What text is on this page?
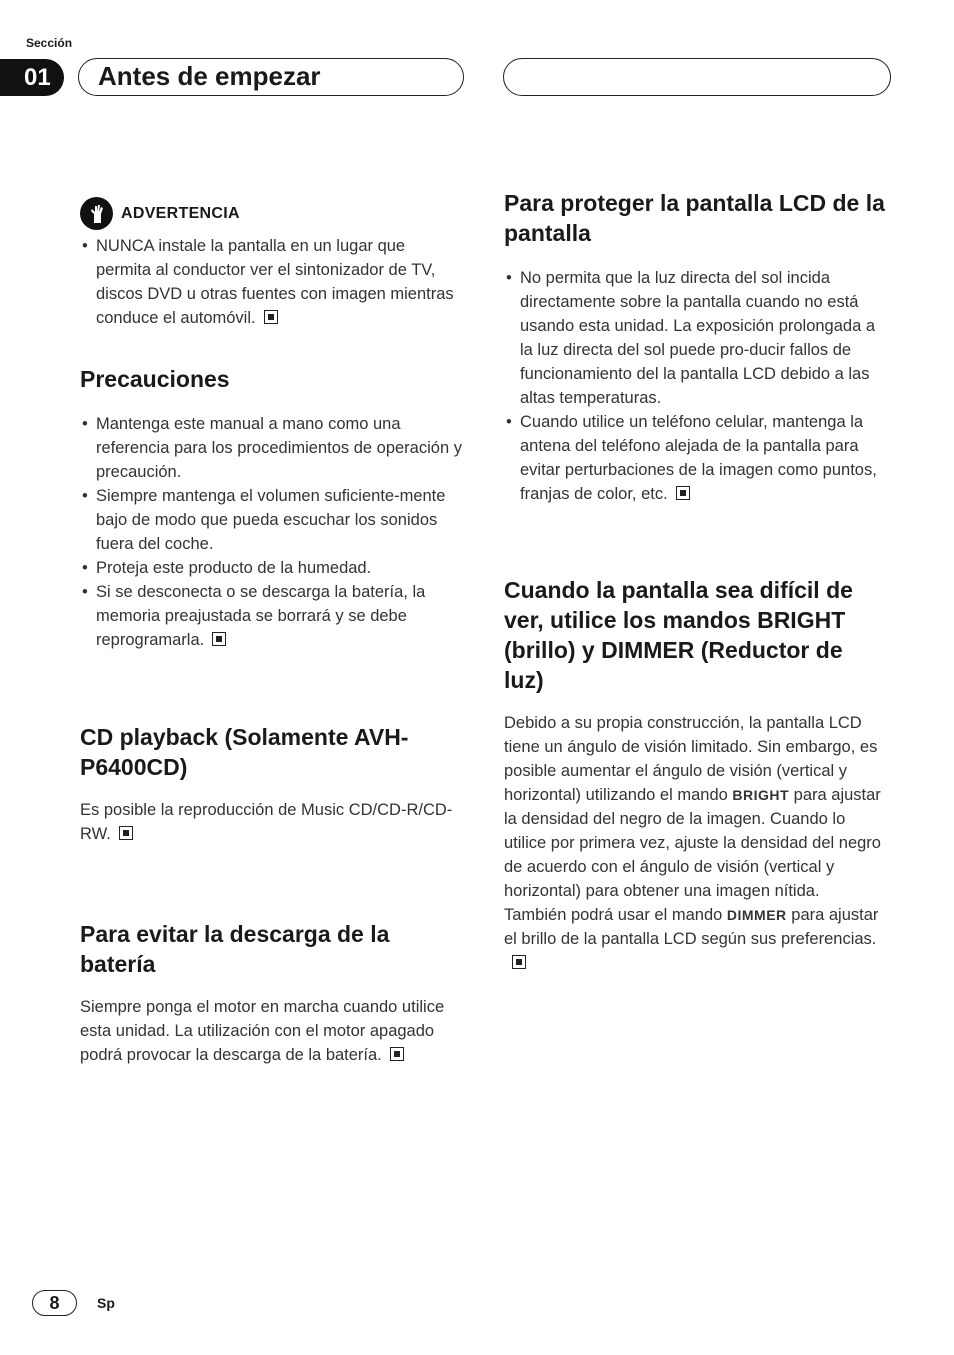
Sección
01	Antes de empezar
ADVERTENCIA
• NUNCA instale la pantalla en un lugar que permita al conductor ver el sintonizador de TV, discos DVD u otras fuentes con imagen mientras conduce el automóvil.
Precauciones
• Mantenga este manual a mano como una referencia para los procedimientos de operación y precaución.
• Siempre mantenga el volumen suficiente-mente bajo de modo que pueda escuchar los sonidos fuera del coche.
• Proteja este producto de la humedad.
• Si se desconecta o se descarga la batería, la memoria preajustada se borrará y se debe reprogramarla.
CD playback (Solamente AVH-P6400CD)

Es posible la reproducción de Music CD/CD-R/CD-RW.

Para evitar la descarga de la batería

Siempre ponga el motor en marcha cuando utilice esta unidad. La utilización con el motor apagado podrá provocar la descarga de la batería.

Para proteger la pantalla LCD de la pantalla
• No permita que la luz directa del sol incida directamente sobre la pantalla cuando no está usando esta unidad. La exposición prolongada a la luz directa del sol puede pro-ducir fallos de funcionamiento del la pantalla LCD debido a las altas temperaturas.
• Cuando utilice un teléfono celular, mantenga la antena del teléfono alejada de la pantalla para evitar perturbaciones de la imagen como puntos, franjas de color, etc.
Cuando la pantalla sea difícil de ver, utilice los mandos BRIGHT (brillo) y DIMMER (Reductor de luz)

Debido a su propia construcción, la pantalla LCD tiene un ángulo de visión limitado. Sin embargo, es posible aumentar el ángulo de visión (vertical y horizontal) utilizando el mando BRIGHT para ajustar la densidad del negro de la imagen. Cuando lo utilice por primera vez, ajuste la densidad del negro de acuerdo con el ángulo de visión (vertical y horizontal) para obtener una imagen nítida.

También podrá usar el mando DIMMER para ajustar el brillo de la pantalla LCD según sus preferencias.

8	Sp
